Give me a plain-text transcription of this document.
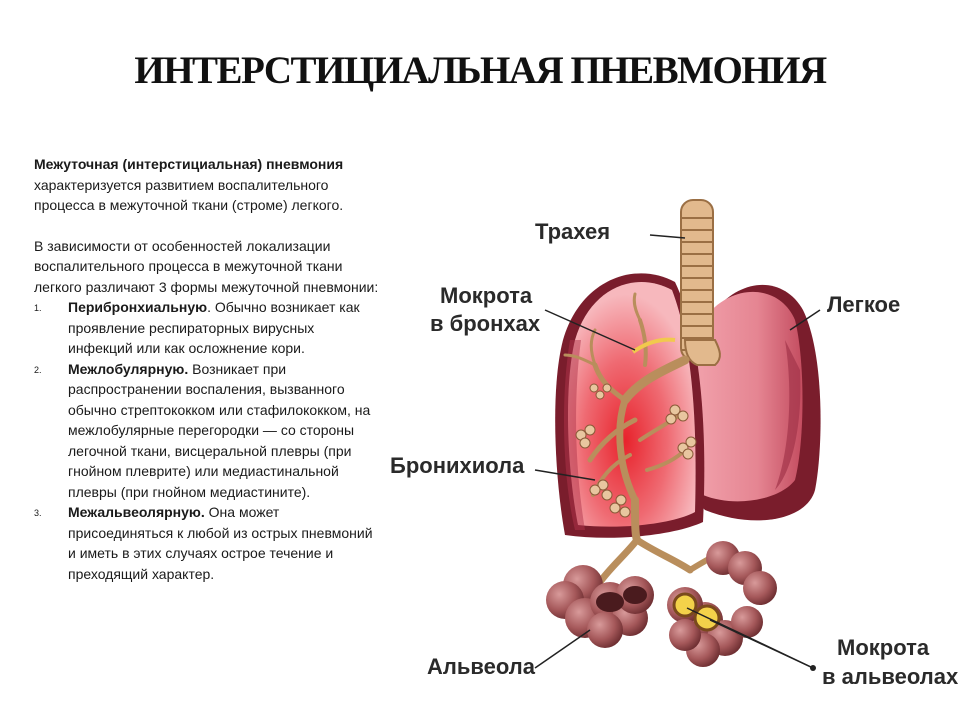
ИНТЕРСТИЦИАЛЬНАЯ ПНЕВМОНИЯ

Межуточная (интерстициальная) пневмония характеризуется развитием воспалительного процесса в межуточной ткани (строме) легкого.

В зависимости от особенностей локализации воспалительного процесса в межуточной ткани легкого различают 3 формы межуточной пневмонии:

1. Перибронхиальную. Обычно возникает как проявление респираторных вирусных инфекций или как осложнение кори.
2. Межлобулярную. Возникает при распространении воспаления, вызванного обычно стрептококком или стафилококком, на межлобулярные перегородки — со стороны легочной ткани, висцеральной плевры (при гнойном плеврите) или медиастинальной плевры (при гнойном медиастините).
3. Межальвеолярную. Она может присоединяться к любой из острых пневмоний и иметь в этих случаях острое течение и преходящий характер.
Трахея
Мокрота
в бронхах
Легкое
Бронихиола
Альвеола
Мокрота
в альвеолах
